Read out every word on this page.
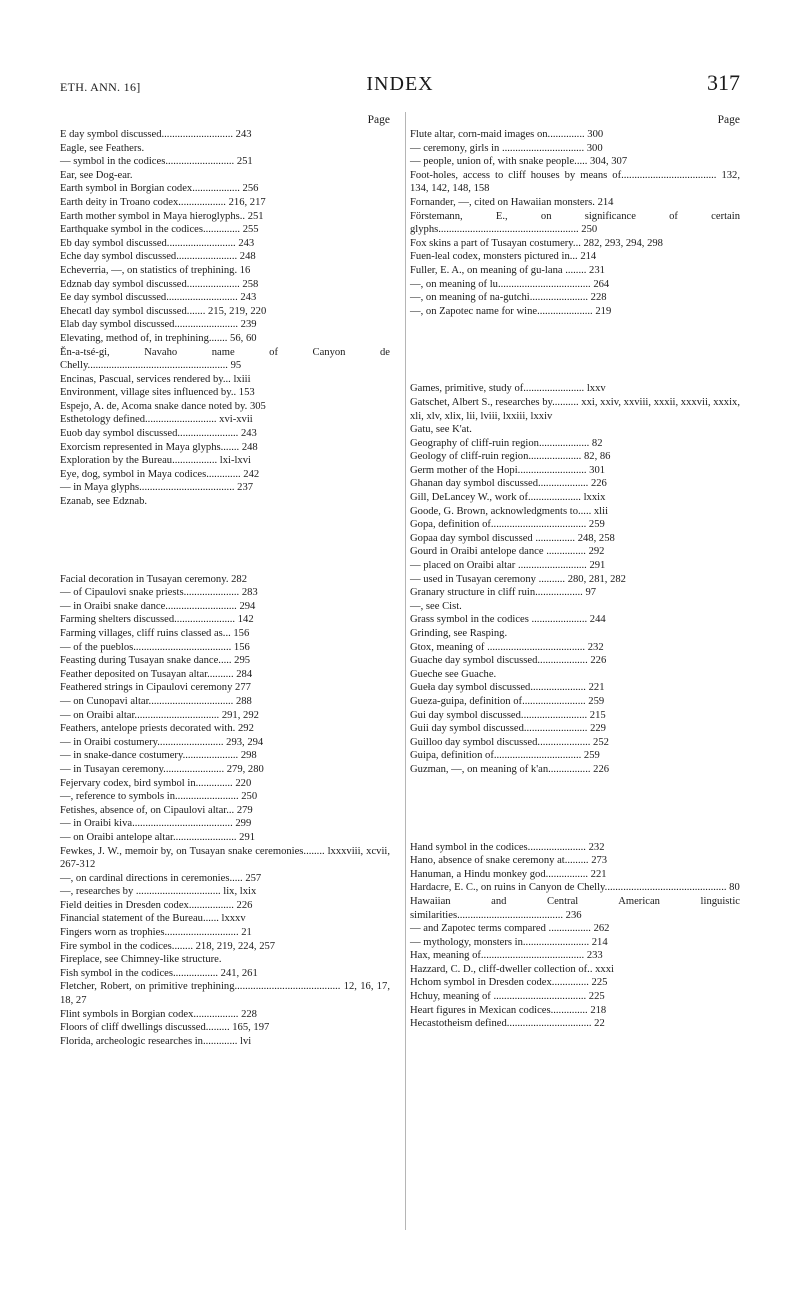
ETH. ANN. 16]	INDEX	317
Page
E day symbol discussed........................... 243
Eagle, see Feathers.
— symbol in the codices.......................... 251
Ear, see Dog-ear.
Earth symbol in Borgian codex.................. 256
Earth deity in Troano codex.................. 216, 217
Earth mother symbol in Maya hieroglyphs.. 251
Earthquake symbol in the codices.............. 255
Eb day symbol discussed.......................... 243
Eche day symbol discussed....................... 248
Echeverria, —, on statistics of trephining. 16
Edznab day symbol discussed.................... 258
Ee day symbol discussed........................... 243
Ehecatl day symbol discussed....... 215, 219, 220
Elab day symbol discussed........................ 239
Elevating, method of, in trephining....... 56, 60
Ĕn-a-tsé-gi, Navaho name of Canyon de Chelly..................................................... 95
Encinas, Pascual, services rendered by... lxiii
Environment, village sites influenced by.. 153
Espejo, A. de, Acoma snake dance noted by. 305
Esthetology defined........................... xvi-xvii
Euob day symbol discussed....................... 243
Exorcism represented in Maya glyphs....... 248
Exploration by the Bureau................. lxi-lxvi
Eye, dog, symbol in Maya codices............. 242
— in Maya glyphs.................................... 237
Ezanab, see Edznab.
Facial decoration in Tusayan ceremony. 282
— of Cipaulovi snake priests..................... 283
— in Oraibi snake dance........................... 294
Farming shelters discussed....................... 142
Farming villages, cliff ruins classed as... 156
— of the pueblos..................................... 156
Feasting during Tusayan snake dance..... 295
Feather deposited on Tusayan altar.......... 284
Feathered strings in Cipaulovi ceremony 277
— on Cunopavi altar................................ 288
— on Oraibi altar................................ 291, 292
Feathers, antelope priests decorated with. 292
— in Oraibi costumery......................... 293, 294
— in snake-dance costumery..................... 298
— in Tusayan ceremony....................... 279, 280
Fejervary codex, bird symbol in.............. 220
—, reference to symbols in........................ 250
Fetishes, absence of, on Cipaulovi altar... 279
— in Oraibi kiva...................................... 299
— on Oraibi antelope altar........................ 291
Fewkes, J. W., memoir by, on Tusayan snake ceremonies........ lxxxviii, xcvii, 267-312
—, on cardinal directions in ceremonies..... 257
—, researches by ................................ lix, lxix
Field deities in Dresden codex................. 226
Financial statement of the Bureau...... lxxxv
Fingers worn as trophies............................ 21
Fire symbol in the codices........ 218, 219, 224, 257
Fireplace, see Chimney-like structure.
Fish symbol in the codices................. 241, 261
Fletcher, Robert, on primitive trephining........................................ 12, 16, 17, 18, 27
Flint symbols in Borgian codex................. 228
Floors of cliff dwellings discussed......... 165, 197
Florida, archeologic researches in............. lvi
Page
Flute altar, corn-maid images on.............. 300
— ceremony, girls in ............................... 300
— people, union of, with snake people..... 304, 307
Foot-holes, access to cliff houses by means of.................................... 132, 134, 142, 148, 158
Fornander, —, cited on Hawaiian monsters. 214
Förstemann, E., on significance of certain glyphs..................................................... 250
Fox skins a part of Tusayan costumery... 282, 293, 294, 298
Fuen-leal codex, monsters pictured in... 214
Fuller, E. A., on meaning of gu-lana ........ 231
—, on meaning of lu................................... 264
—, on meaning of na-gutchi...................... 228
—, on Zapotec name for wine..................... 219
Games, primitive, study of....................... lxxv
Gatschet, Albert S., researches by.......... xxi, xxiv, xxviii, xxxii, xxxvii, xxxix, xli, xlv, xlix, lii, lviii, lxxiii, lxxiv
Gatu, see K'at.
Geography of cliff-ruin region................... 82
Geology of cliff-ruin region.................... 82, 86
Germ mother of the Hopi.......................... 301
Ghanan day symbol discussed................... 226
Gill, DeLancey W., work of.................... lxxix
Goode, G. Brown, acknowledgments to..... xlii
Gopa, definition of.................................... 259
Gopaa day symbol discussed ............... 248, 258
Gourd in Oraibi antelope dance ............... 292
— placed on Oraibi altar .......................... 291
— used in Tusayan ceremony .......... 280, 281, 282
Granary structure in cliff ruin.................. 97
—, see Cist.
Grass symbol in the codices ..................... 244
Grinding, see Rasping.
Gtox, meaning of ..................................... 232
Guache day symbol discussed................... 226
Gueche see Guache.
Gueła day symbol discussed..................... 221
Gueza-guipa, definition of........................ 259
Gui day symbol discussed......................... 215
Guii day symbol discussed........................ 229
Guilloo day symbol discussed.................... 252
Guipa, definition of................................. 259
Guzman, —, on meaning of k'an................ 226
Hand symbol in the codices...................... 232
Hano, absence of snake ceremony at......... 273
Hanuman, a Hindu monkey god................ 221
Hardacre, E. C., on ruins in Canyon de Chelly.............................................. 80
Hawaiian and Central American linguistic similarities........................................ 236
— and Zapotec terms compared ................ 262
— mythology, monsters in......................... 214
Hax, meaning of....................................... 233
Hazzard, C. D., cliff-dweller collection of.. xxxi
Hchom symbol in Dresden codex.............. 225
Hchuy, meaning of ................................... 225
Heart figures in Mexican codices.............. 218
Hecastotheism defined................................ 22
